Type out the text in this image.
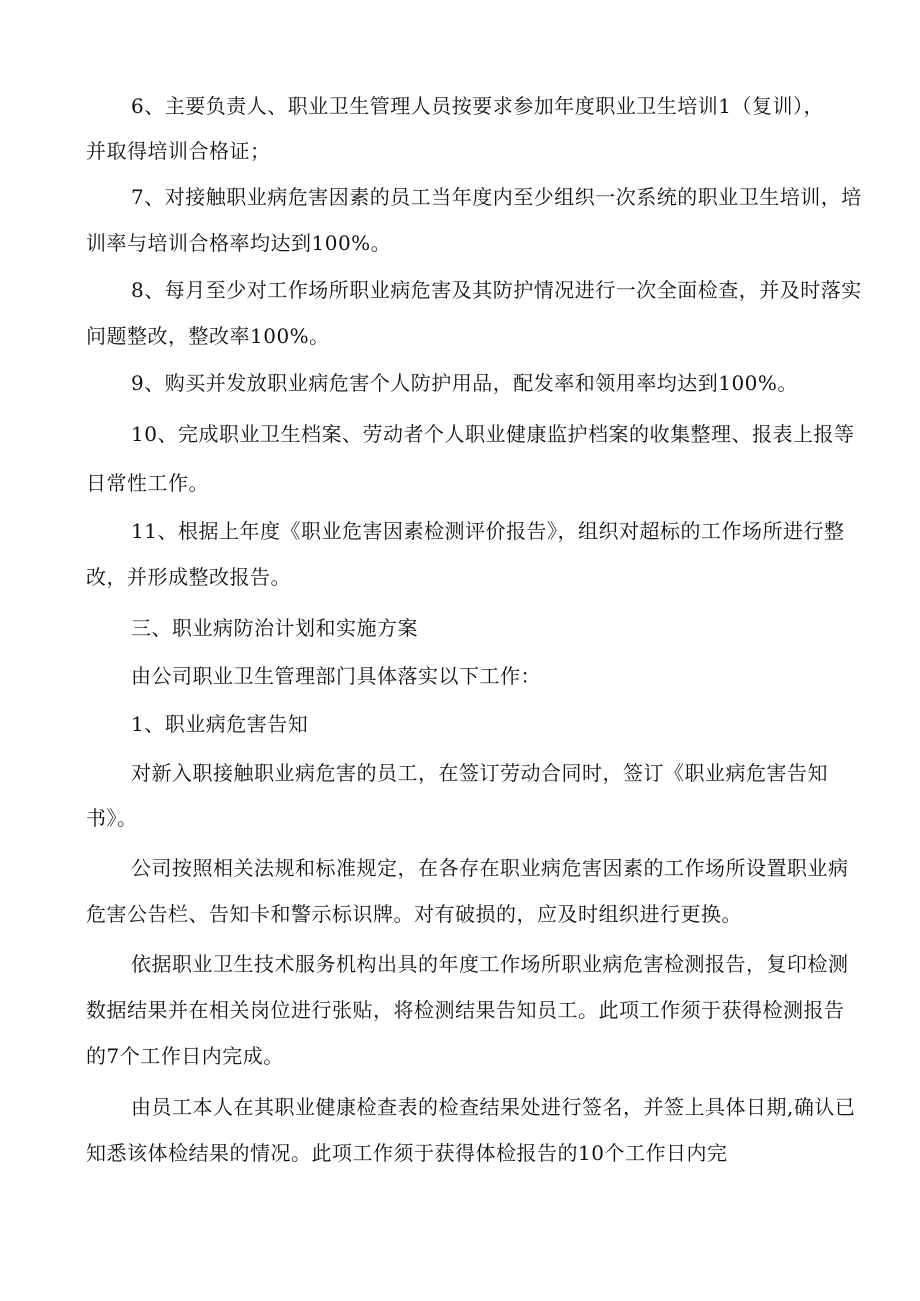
6、主要负责人、职业卫生管理人员按要求参加年度职业卫生培训1（复训），
并取得培训合格证；
7、对接触职业病危害因素的员工当年度内至少组织一次系统的职业卫生培训，培
训率与培训合格率均达到100%。
8、每月至少对工作场所职业病危害及其防护情况进行一次全面检查，并及时落实
问题整改，整改率100%。
9、购买并发放职业病危害个人防护用品，配发率和领用率均达到100%。
10、完成职业卫生档案、劳动者个人职业健康监护档案的收集整理、报表上报等
日常性工作。
11、根据上年度《职业危害因素检测评价报告》，组织对超标的工作场所进行整
改，并形成整改报告。
三、职业病防治计划和实施方案
由公司职业卫生管理部门具体落实以下工作：
1、职业病危害告知
对新入职接触职业病危害的员工，在签订劳动合同时，签订《职业病危害告知
书》。
公司按照相关法规和标准规定，在各存在职业病危害因素的工作场所设置职业病
危害公告栏、告知卡和警示标识牌。对有破损的，应及时组织进行更换。
依据职业卫生技术服务机构出具的年度工作场所职业病危害检测报告，复印检测
数据结果并在相关岗位进行张贴，将检测结果告知员工。此项工作须于获得检测报告
的7个工作日内完成。
由员工本人在其职业健康检查表的检查结果处进行签名，并签上具体日期,确认已
知悉该体检结果的情况。此项工作须于获得体检报告的10个工作日内完
